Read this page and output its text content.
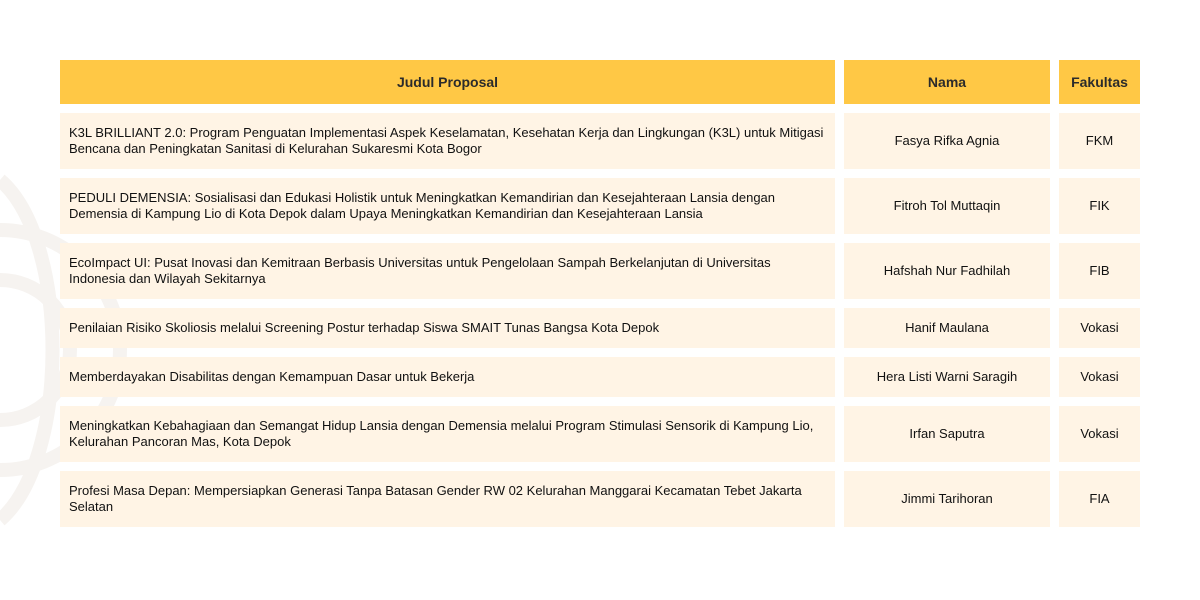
Judul Proposal	Nama	Fakultas
K3L BRILLIANT 2.0: Program Penguatan Implementasi Aspek Keselamatan, Kesehatan Kerja dan Lingkungan (K3L) untuk Mitigasi Bencana dan Peningkatan Sanitasi di Kelurahan Sukaresmi Kota Bogor	Fasya Rifka Agnia	FKM
PEDULI DEMENSIA: Sosialisasi dan Edukasi Holistik untuk Meningkatkan Kemandirian dan Kesejahteraan Lansia dengan Demensia di Kampung Lio di Kota Depok dalam Upaya Meningkatkan Kemandirian dan Kesejahteraan Lansia	Fitroh Tol Muttaqin	FIK
EcoImpact UI: Pusat Inovasi dan Kemitraan Berbasis Universitas untuk Pengelolaan Sampah Berkelanjutan di Universitas Indonesia dan Wilayah Sekitarnya	Hafshah Nur Fadhilah	FIB
Penilaian Risiko Skoliosis melalui Screening Postur terhadap Siswa SMAIT Tunas Bangsa Kota Depok	Hanif Maulana	Vokasi
Memberdayakan Disabilitas dengan Kemampuan Dasar untuk Bekerja	Hera Listi Warni Saragih	Vokasi
Meningkatkan Kebahagiaan dan Semangat Hidup Lansia dengan Demensia melalui Program Stimulasi Sensorik di Kampung Lio, Kelurahan Pancoran Mas, Kota Depok	Irfan Saputra	Vokasi
Profesi Masa Depan: Mempersiapkan Generasi Tanpa Batasan Gender RW 02 Kelurahan Manggarai Kecamatan Tebet Jakarta Selatan	Jimmi Tarihoran	FIA
